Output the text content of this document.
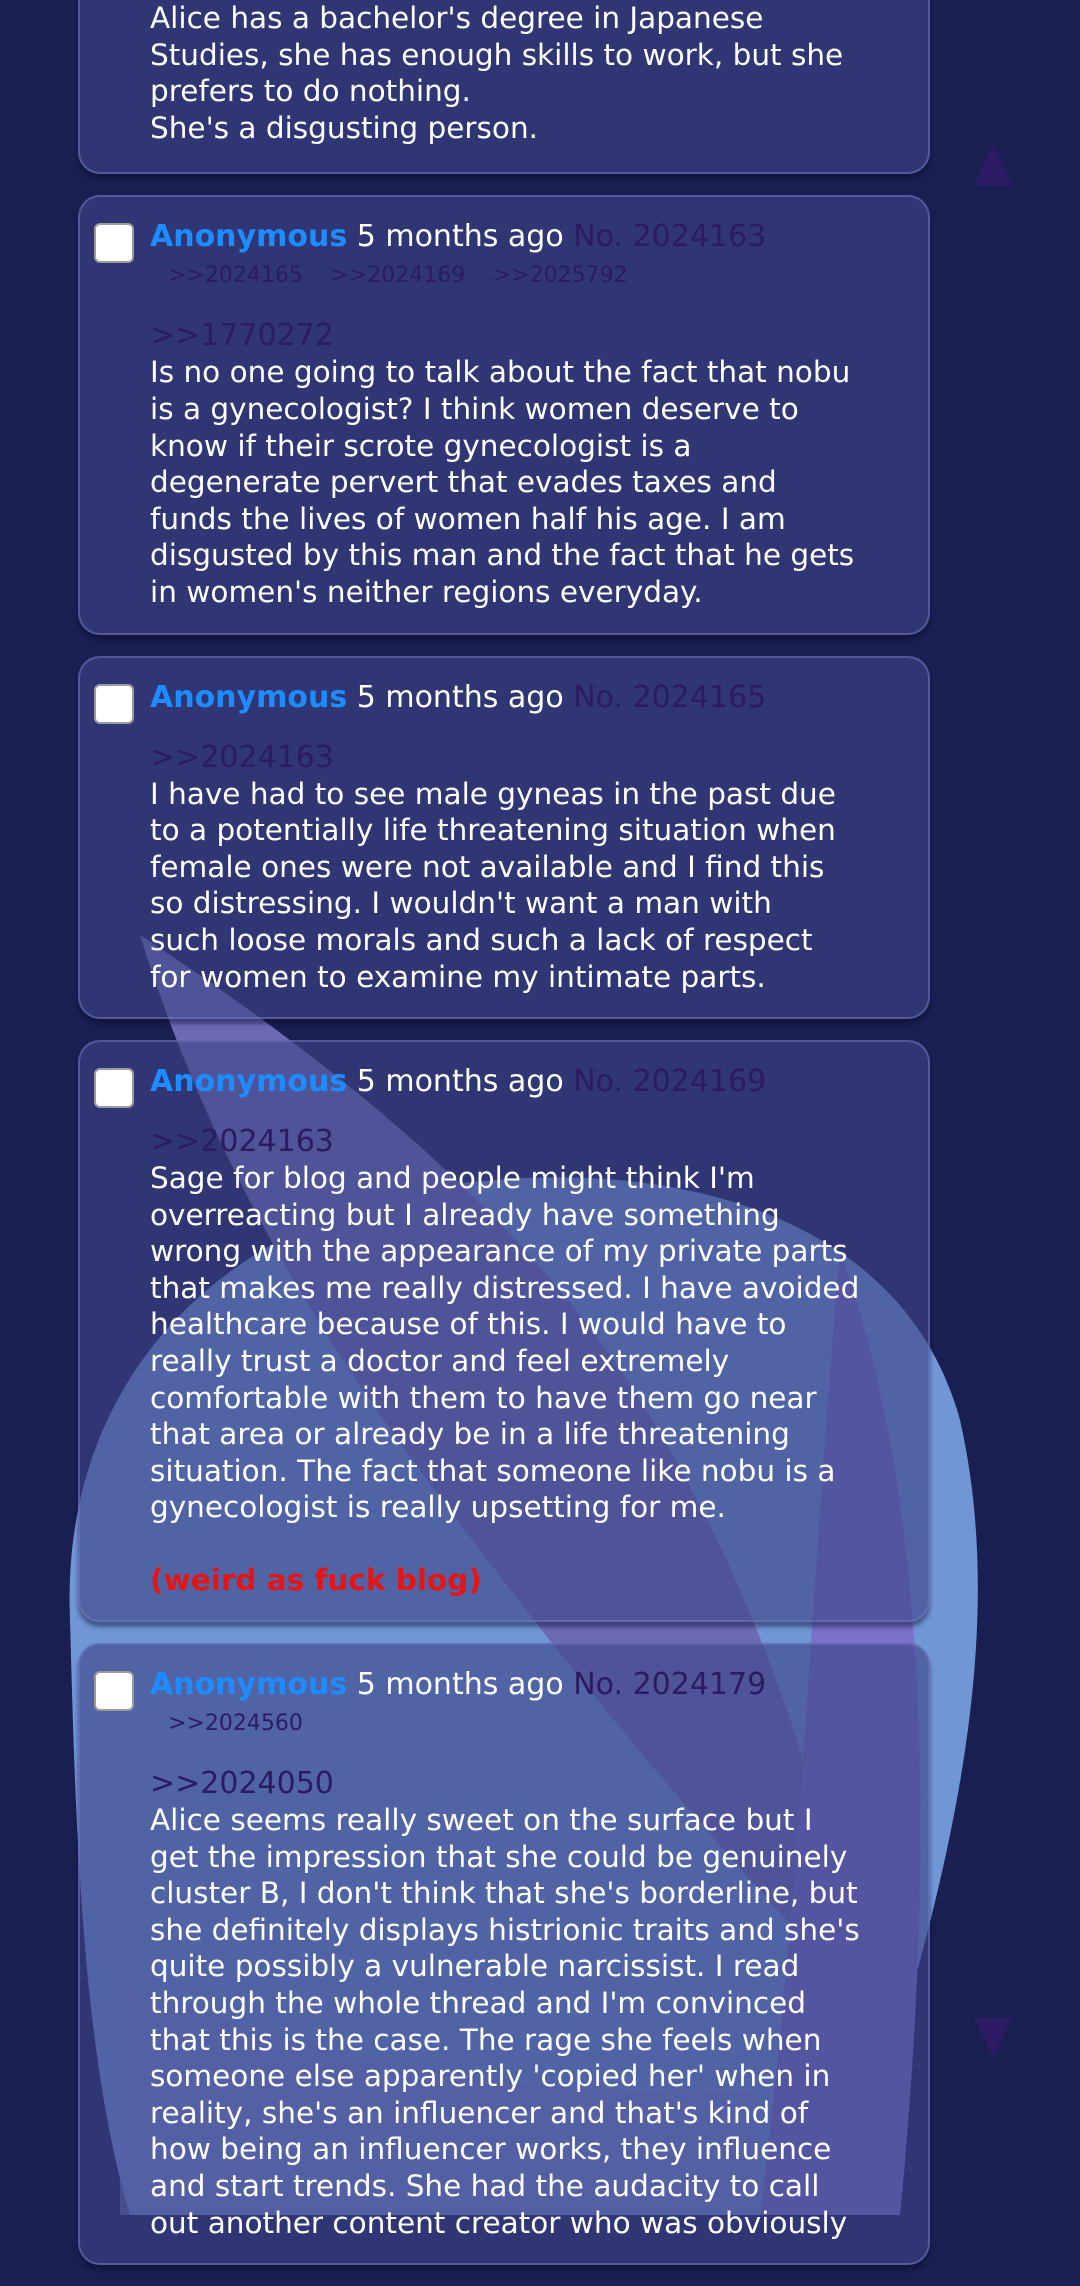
Alice has a bachelor's degree in Japanese
Studies, she has enough skills to work, but she
prefers to do nothing.
She's a disgusting person.
Anonymous 5 months ago No. 2024163 >>2024165 >>2024169 >>2025792
>>1770272
Is no one going to talk about the fact that nobu
is a gynecologist? I think women deserve to
know if their scrote gynecologist is a
degenerate pervert that evades taxes and
funds the lives of women half his age. I am
disgusted by this man and the fact that he gets
in women's neither regions everyday.
Anonymous 5 months ago No. 2024165
>>2024163
I have had to see male gyneas in the past due
to a potentially life threatening situation when
female ones were not available and I find this
so distressing. I wouldn't want a man with
such loose morals and such a lack of respect
for women to examine my intimate parts.
Anonymous 5 months ago No. 2024169
>>2024163
Sage for blog and people might think I'm
overreacting but I already have something
wrong with the appearance of my private parts
that makes me really distressed. I have avoided
healthcare because of this. I would have to
really trust a doctor and feel extremely
comfortable with them to have them go near
that area or already be in a life threatening
situation. The fact that someone like nobu is a
gynecologist is really upsetting for me.
(weird as fuck blog)
Anonymous 5 months ago No. 2024179 >>2024560
>>2024050
Alice seems really sweet on the surface but I
get the impression that she could be genuinely
cluster B, I don't think that she's borderline, but
she definitely displays histrionic traits and she's
quite possibly a vulnerable narcissist. I read
through the whole thread and I'm convinced
that this is the case. The rage she feels when
someone else apparently 'copied her' when in
reality, she's an influencer and that's kind of
how being an influencer works, they influence
and start trends. She had the audacity to call
out another content creator who was obviously
